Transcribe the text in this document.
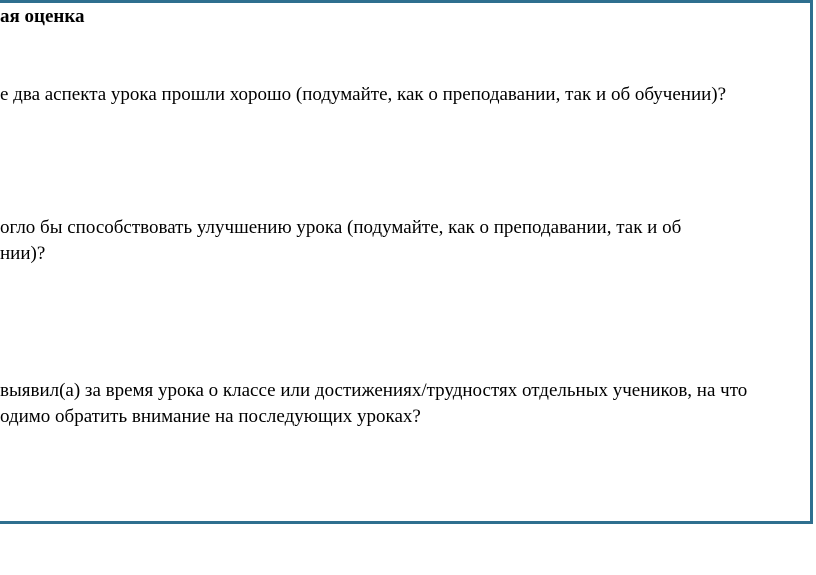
ая оценка
е два аспекта урока прошли хорошо (подумайте, как о преподавании, так и об обучении)?
огло бы способствовать улучшению урока (подумайте, как о преподавании, так и об
нии)?
выявил(а) за время урока о классе или достижениях/трудностях отдельных учеников, на что
одимо обратить внимание на последующих уроках?
